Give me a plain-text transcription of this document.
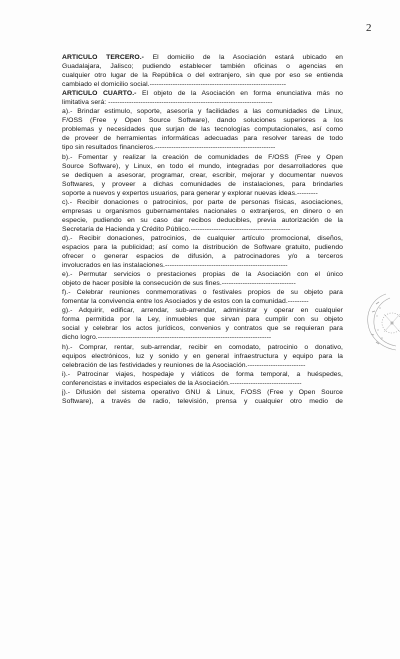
2
ARTICULO TERCERO.- El domicilio de la Asociación estará ubicado en
Guadalajara, Jalisco; pudiendo establecer también oficinas o agencias en
cualquier otro lugar de la República o del extranjero, sin que por eso se entienda
cambiado el domicilio social.-----------------------------------------------------------
ARTICULO CUARTO.- El objeto de la Asociación en forma enunciativa más no
limitativa será: -----------------------------------------------------------------------
a).- Brindar estimulo, soporte, asesoría y facilidades a las comunidades de Linux,
F/OSS (Free y Open Source Software), dando soluciones superiores a los
problemas y necesidades que surjan de las tecnologías computacionales, así como
de proveer de herramientas informáticas adecuadas para resolver tareas de todo
tipo sin resultados financieros.----------------------------------------------------
b).- Fomentar y realizar la creación de comunidades de F/OSS (Free y Open
Source Software), y Linux, en todo el mundo, integradas por desarrolladores que
se dediquen a asesorar, programar, crear, escribir, mejorar y documentar nuevos
Softwares, y proveer a dichas comunidades de instalaciones, para brindarles
soporte a nuevos y expertos usuarios, para generar y explorar nuevas ideas.---------
c).- Recibir donaciones o patrocinios, por parte de personas físicas, asociaciones,
empresas u organismos gubernamentales nacionales o extranjeros, en dinero o en
especie, pudiendo en su caso dar recibos deducibles, previa autorización de la
Secretaría de Hacienda y Crédito Público.-------------------------------------------
d).- Recibir donaciones, patrocinios, de cualquier artículo promocional, diseños,
espacios para la publicidad; así como la distribución de Software gratuito, pudiendo
ofrecer o generar espacios de difusión, a patrocinadores y/o a terceros
involucrados en las instalaciones.-----------------------------------------------------
e).- Permutar servicios o prestaciones propias de la Asociación con el único
objeto de hacer posible la consecución de sus fines.--------------------------------
f).- Celebrar reuniones conmemorativas o festivales propios de su objeto para
fomentar la convivencia entre los Asociados y de estos con la comunidad.---------
g).- Adquirir, edificar, arrendar, sub-arrendar, administrar y operar en cualquier
forma permitida por la Ley, inmuebles que sirvan para cumplir con su objeto
social y celebrar los actos jurídicos, convenios y contratos que se requieran para
dicho logro.---------------------------------------------------------------------------
h).- Comprar, rentar, sub-arrendar, recibir en comodato, patrocinio o donativo,
equipos electrónicos, luz y sonido y en general infraestructura y equipo para la
celebración de las festividades y reuniones de la Asociación.-------------------------
i).- Patrocinar viajes, hospedaje y viáticos de forma temporal, a huéspedes,
conferencistas e invitados especiales de la Asociación.-------------------------------
j).- Difusión del sistema operativo GNU & Linux, F/OSS (Free y Open Source
Software), a través de radio, televisión, prensa y cualquier otro medio de
